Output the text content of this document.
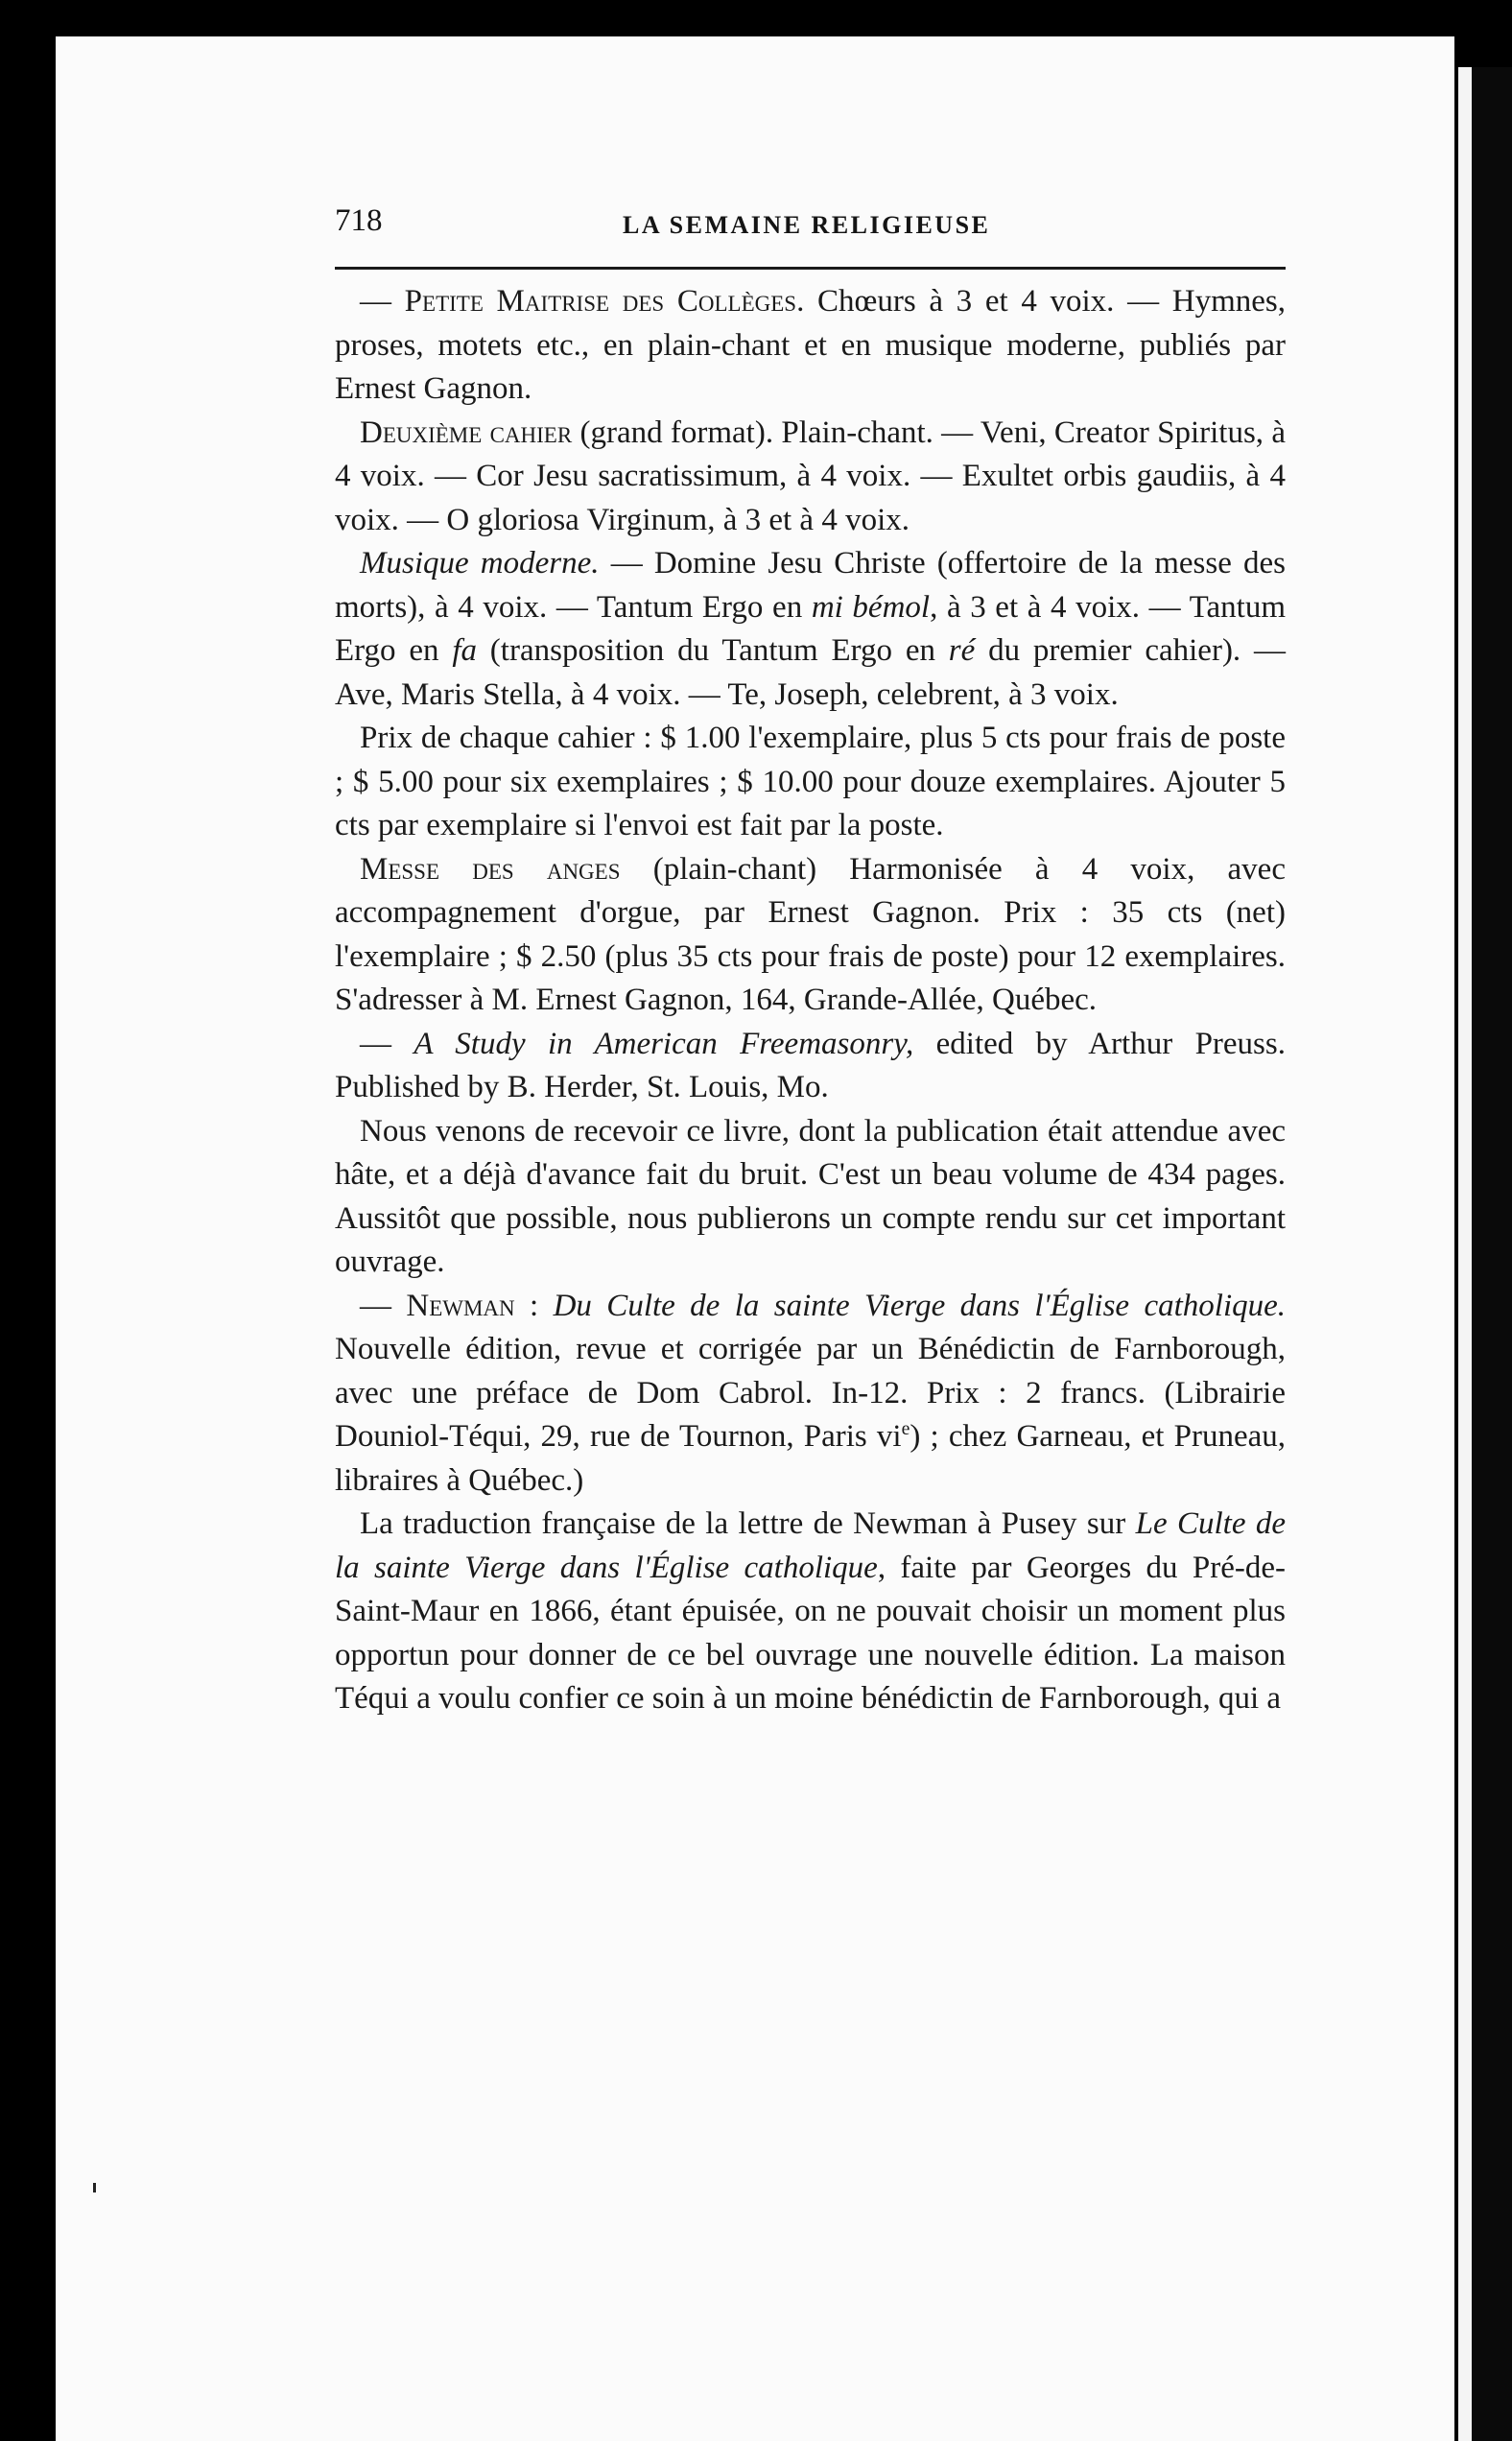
718	LA SEMAINE RELIGIEUSE

— Petite Maitrise des Collèges. Chœurs à 3 et 4 voix. — Hymnes, proses, motets etc., en plain-chant et en musique moderne, publiés par Ernest Gagnon.

Deuxième cahier (grand format). Plain-chant. — Veni, Creator Spiritus, à 4 voix. — Cor Jesu sacratissimum, à 4 voix. — Exultet orbis gaudiis, à 4 voix. — O gloriosa Virginum, à 3 et à 4 voix.

Musique moderne. — Domine Jesu Christe (offertoire de la messe des morts), à 4 voix. — Tantum Ergo en mi bémol, à 3 et à 4 voix. — Tantum Ergo en fa (transposition du Tantum Ergo en ré du premier cahier). — Ave, Maris Stella, à 4 voix. — Te, Joseph, celebrent, à 3 voix.

Prix de chaque cahier : $ 1.00 l'exemplaire, plus 5 cts pour frais de poste ; $ 5.00 pour six exemplaires ; $ 10.00 pour douze exemplaires. Ajouter 5 cts par exemplaire si l'envoi est fait par la poste.

Messe des anges (plain-chant) Harmonisée à 4 voix, avec accompagnement d'orgue, par Ernest Gagnon. Prix : 35 cts (net) l'exemplaire ; $ 2.50 (plus 35 cts pour frais de poste) pour 12 exemplaires. S'adresser à M. Ernest Gagnon, 164, Grande-Allée, Québec.

— A Study in American Freemasonry, edited by Arthur Preuss. Published by B. Herder, St. Louis, Mo.

Nous venons de recevoir ce livre, dont la publication était attendue avec hâte, et a déjà d'avance fait du bruit. C'est un beau volume de 434 pages. Aussitôt que possible, nous publierons un compte rendu sur cet important ouvrage.

— Newman : Du Culte de la sainte Vierge dans l'Église catholique. Nouvelle édition, revue et corrigée par un Bénédictin de Farnborough, avec une préface de Dom Cabrol. In-12. Prix : 2 francs. (Librairie Douniol-Téqui, 29, rue de Tournon, Paris $vi^e$) ; chez Garneau, et Pruneau, libraires à Québec.)

La traduction française de la lettre de Newman à Pusey sur Le Culte de la sainte Vierge dans l'Église catholique, faite par Georges du Pré-de-Saint-Maur en 1866, étant épuisée, on ne pouvait choisir un moment plus opportun pour donner de ce bel ouvrage une nouvelle édition. La maison Téqui a voulu confier ce soin à un moine bénédictin de Farnborough, qui a
